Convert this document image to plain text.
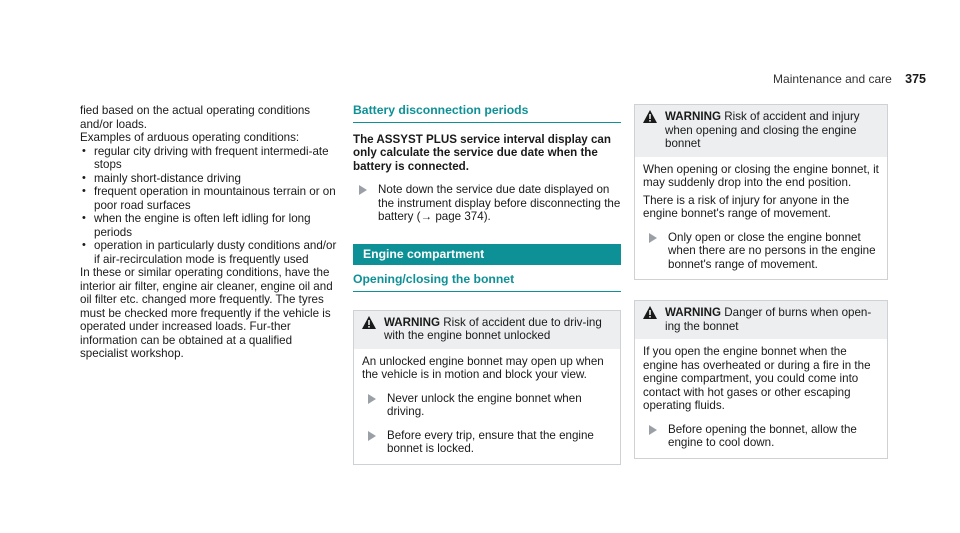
Maintenance and care 375

fied based on the actual operating conditions and/or loads.

Examples of arduous operating conditions:

• regular city driving with frequent intermedi-ate stops
• mainly short-distance driving
• frequent operation in mountainous terrain or on poor road surfaces
• when the engine is often left idling for long periods
• operation in particularly dusty conditions and/or if air-recirculation mode is frequently used

In these or similar operating conditions, have the interior air filter, engine air cleaner, engine oil and oil filter etc. changed more frequently. The tyres must be checked more frequently if the vehicle is operated under increased loads. Fur-ther information can be obtained at a qualified specialist workshop.

Battery disconnection periods

The ASSYST PLUS service interval display can only calculate the service due date when the battery is connected.

Note down the service due date displayed on the instrument display before disconnecting the battery (→ page 374).
Engine compartment
Opening/closing the bonnet
WARNING Risk of accident due to driv-ing with the engine bonnet unlocked

An unlocked engine bonnet may open up when the vehicle is in motion and block your view.

Never unlock the engine bonnet when driving.
Before every trip, ensure that the engine bonnet is locked.
WARNING Risk of accident and injury when opening and closing the engine bonnet

When opening or closing the engine bonnet, it may suddenly drop into the end position.

There is a risk of injury for anyone in the engine bonnet's range of movement.

Only open or close the engine bonnet when there are no persons in the engine bonnet's range of movement.
WARNING Danger of burns when open-ing the bonnet

If you open the engine bonnet when the engine has overheated or during a fire in the engine compartment, you could come into contact with hot gases or other escaping operating fluids.

Before opening the bonnet, allow the engine to cool down.
